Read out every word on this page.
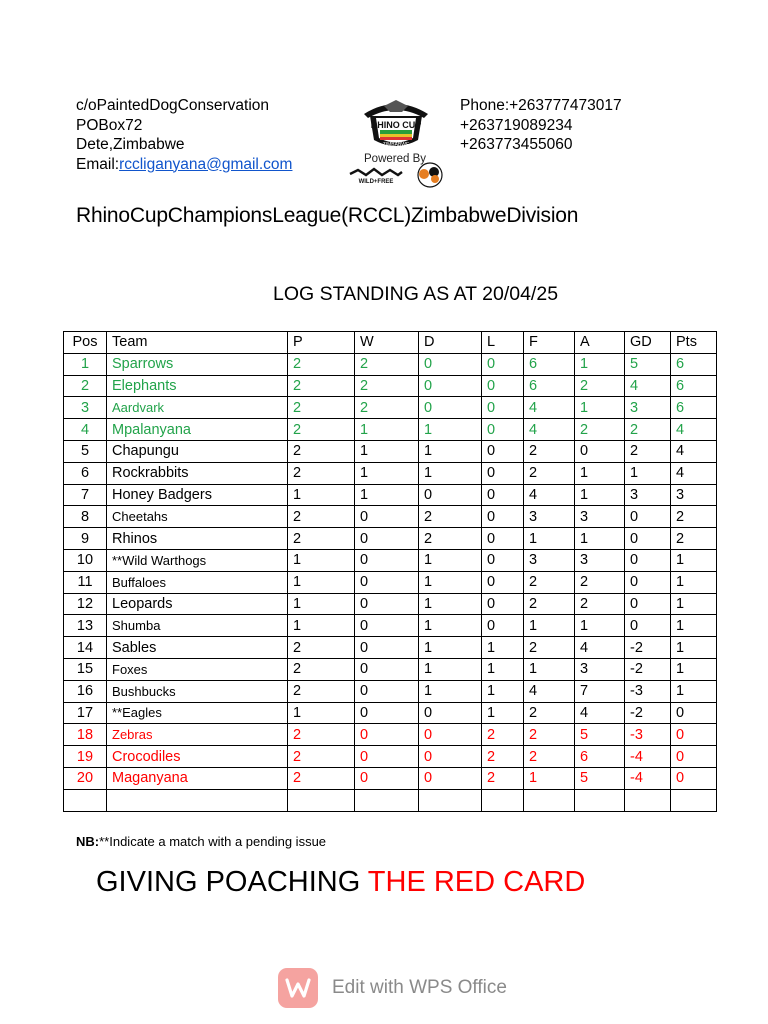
c/oPaintedDogConservation
POBox72
Dete,Zimbabwe
Email:rccliganyana@gmail.com
RHINO CUP
ZIMBABWE
Powered By
WILD+FREE
Phone:+263777473017
+263719089234
+263773455060
RhinoCupChampionsLeague(RCCL)ZimbabweDivision
LOG STANDING AS AT 20/04/25
Pos	Team	P	W	D	L	F	A	GD	Pts
1	Sparrows	2	2	0	0	6	1	5	6
2	Elephants	2	2	0	0	6	2	4	6
3	Aardvark	2	2	0	0	4	1	3	6
4	Mpalanyana	2	1	1	0	4	2	2	4
5	Chapungu	2	1	1	0	2	0	2	4
6	Rockrabbits	2	1	1	0	2	1	1	4
7	Honey Badgers	1	1	0	0	4	1	3	3
8	Cheetahs	2	0	2	0	3	3	0	2
9	Rhinos	2	0	2	0	1	1	0	2
10	**Wild Warthogs	1	0	1	0	3	3	0	1
11	Buffaloes	1	0	1	0	2	2	0	1
12	Leopards	1	0	1	0	2	2	0	1
13	Shumba	1	0	1	0	1	1	0	1
14	Sables	2	0	1	1	2	4	-2	1
15	Foxes	2	0	1	1	1	3	-2	1
16	Bushbucks	2	0	1	1	4	7	-3	1
17	**Eagles	1	0	0	1	2	4	-2	0
18	Zebras	2	0	0	2	2	5	-3	0
19	Crocodiles	2	0	0	2	2	6	-4	0
20	Maganyana	2	0	0	2	1	5	-4	0

NB:**Indicate a match with a pending issue
GIVING POACHING THE RED CARD
Edit with WPS Office
